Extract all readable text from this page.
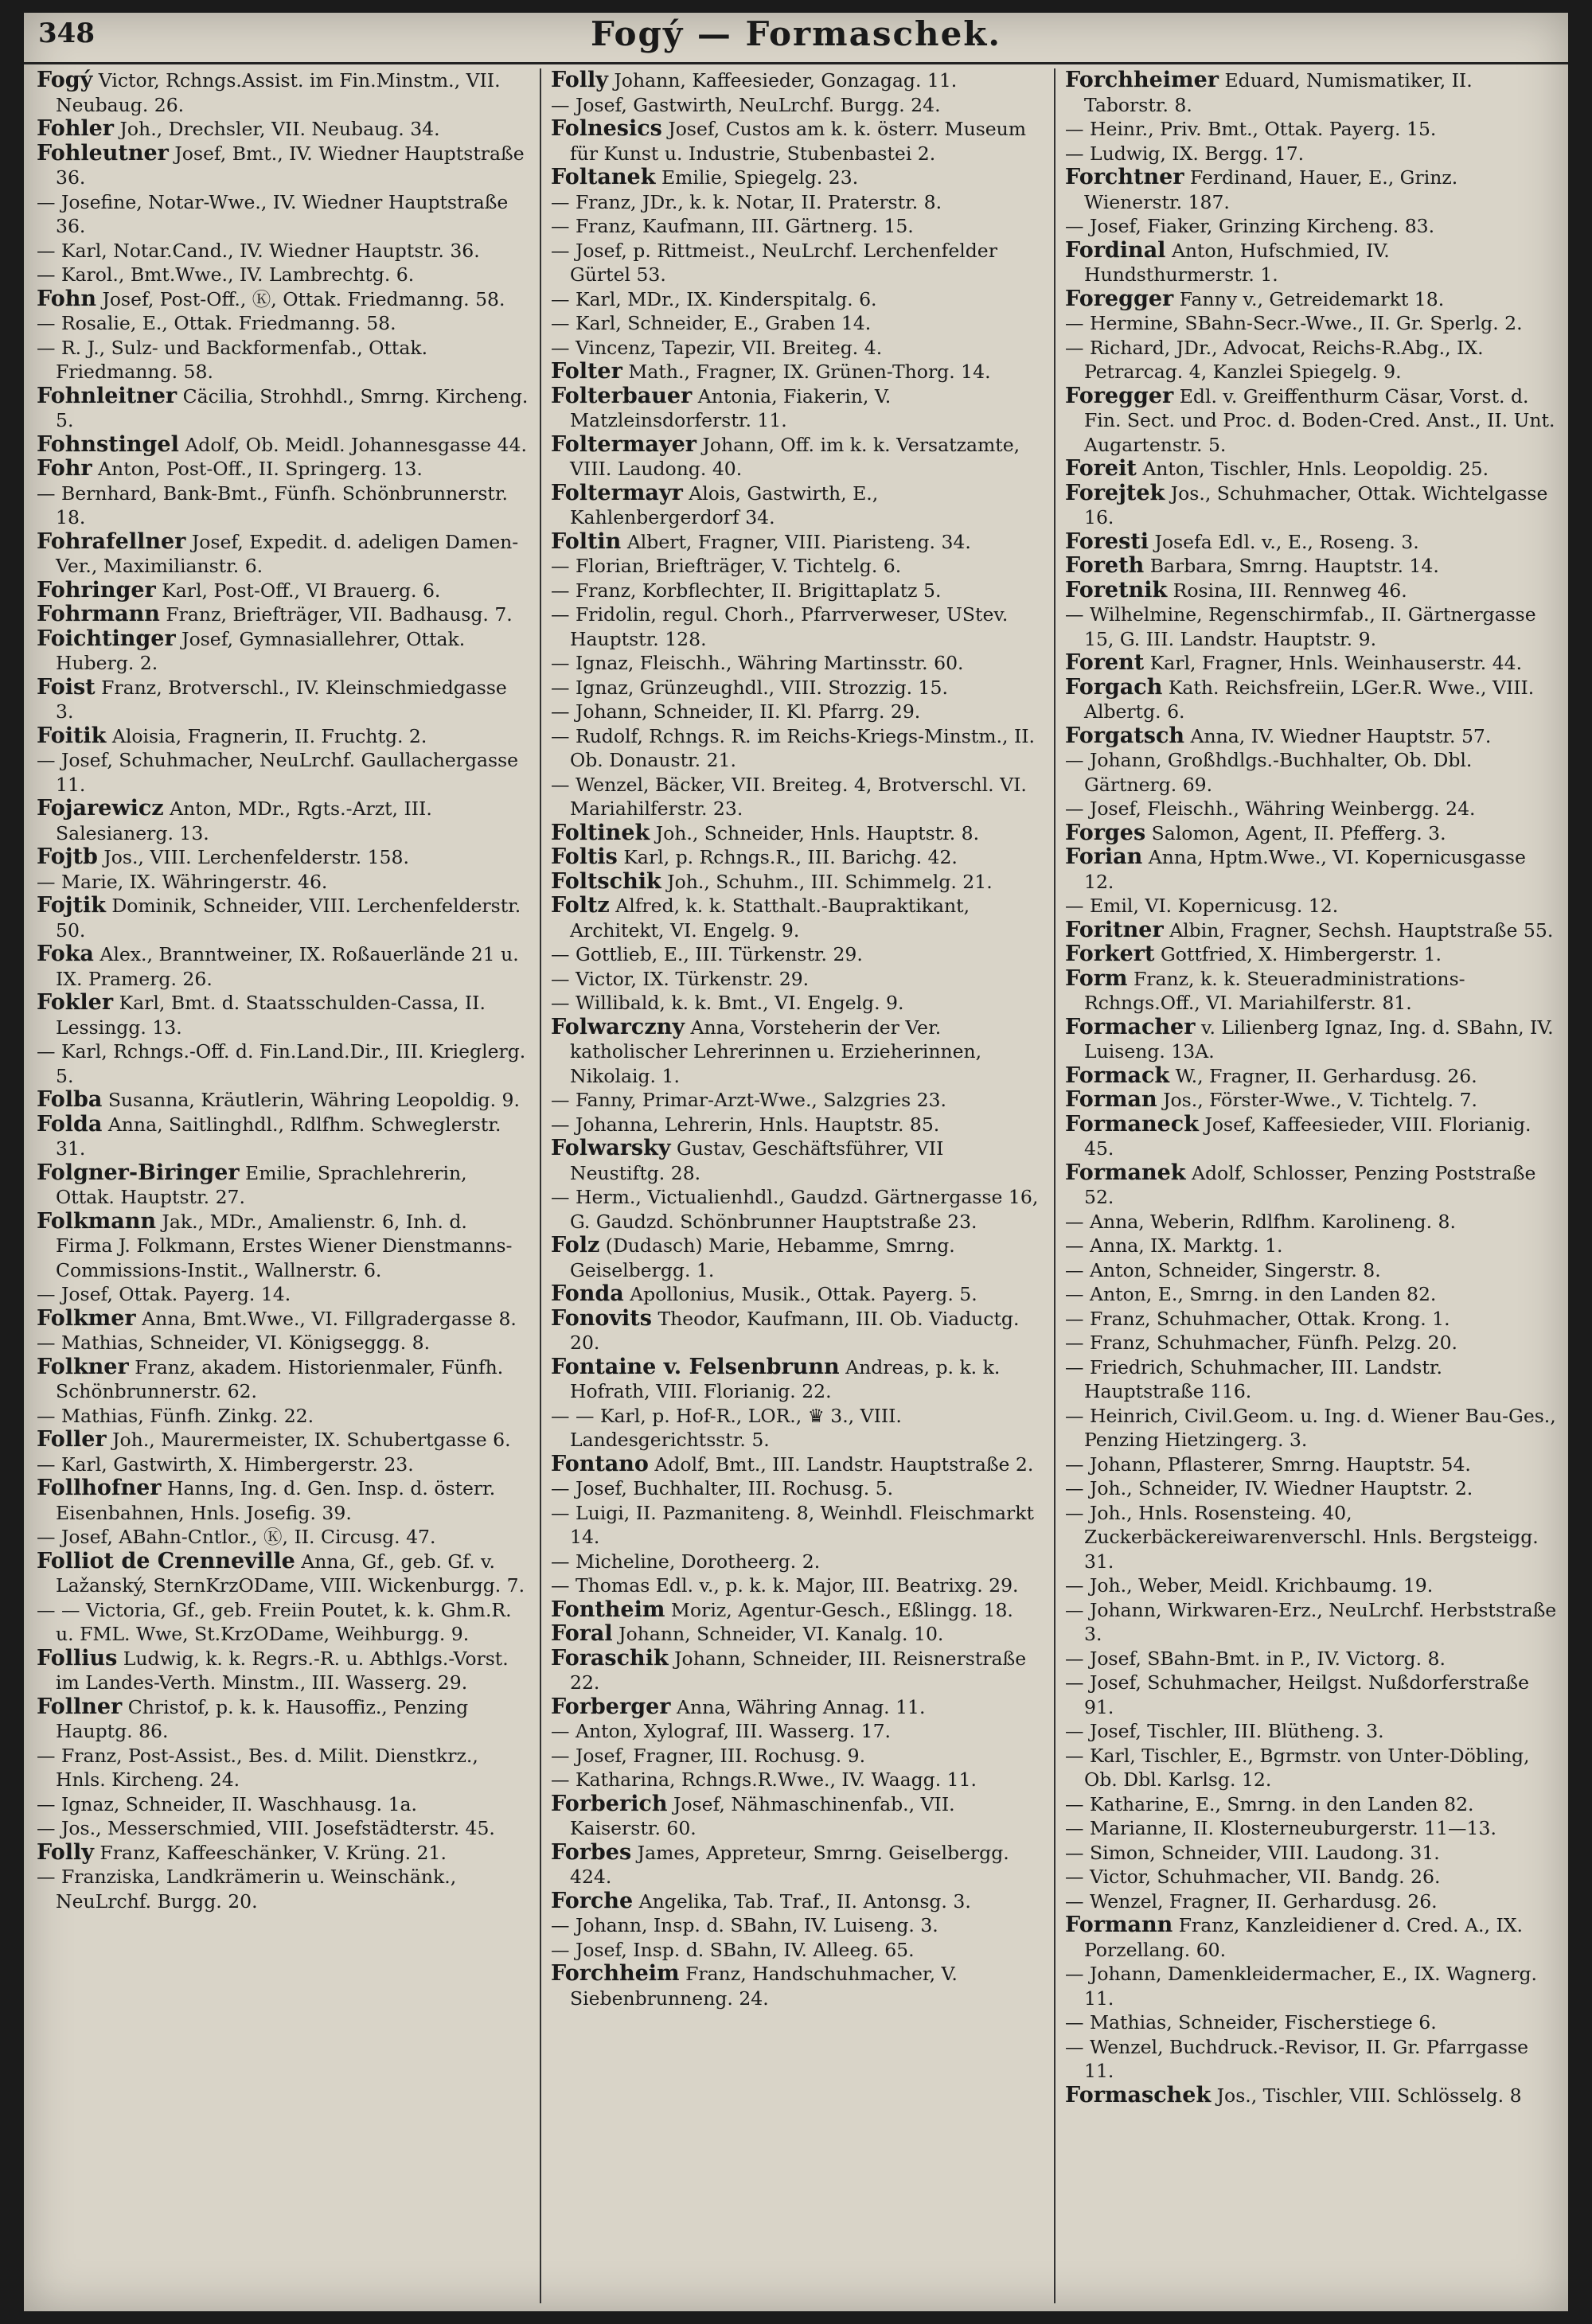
348	Fogý — Formaschek.
Fogý Victor, Rchngs.Assist. im Fin.Minstm., VII. Neubaug. 26.
Fohler Joh., Drechsler, VII. Neubaug. 34.
Fohleutner Josef, Bmt., IV. Wiedner Hauptstraße 36.
— Josefine, Notar-Wwe., IV. Wiedner Hauptstraße 36.
— Karl, Notar.Cand., IV. Wiedner Hauptstr. 36.
— Karol., Bmt.Wwe., IV. Lambrechtg. 6.
Fohn Josef, Post-Off., Ⓚ, Ottak. Friedmanng. 58.
— Rosalie, E., Ottak. Friedmanng. 58.
— R. J., Sulz- und Backformenfab., Ottak. Friedmanng. 58.
Fohnleitner Cäcilia, Strohhdl., Smrng. Kircheng. 5.
Fohnstingel Adolf, Ob. Meidl. Johannesgasse 44.
Fohr Anton, Post-Off., II. Springerg. 13.
— Bernhard, Bank-Bmt., Fünfh. Schönbrunnerstr. 18.
Fohrafellner Josef, Expedit. d. adeligen Damen-Ver., Maximilianstr. 6.
Fohringer Karl, Post-Off., VI Brauerg. 6.
Fohrmann Franz, Briefträger, VII. Badhausg. 7.
Foichtinger Josef, Gymnasiallehrer, Ottak. Huberg. 2.
Foist Franz, Brotverschl., IV. Kleinschmiedgasse 3.
Foitik Aloisia, Fragnerin, II. Fruchtg. 2.
— Josef, Schuhmacher, NeuLrchf. Gaullachergasse 11.
Fojarewicz Anton, MDr., Rgts.-Arzt, III. Salesianerg. 13.
Fojtb Jos., VIII. Lerchenfelderstr. 158.
— Marie, IX. Währingerstr. 46.
Fojtik Dominik, Schneider, VIII. Lerchenfelderstr. 50.
Foka Alex., Branntweiner, IX. Roßauerlände 21 u. IX. Pramerg. 26.
Fokler Karl, Bmt. d. Staatsschulden-Cassa, II. Lessingg. 13.
— Karl, Rchngs.-Off. d. Fin.Land.Dir., III. Krieglerg. 5.
Folba Susanna, Kräutlerin, Währing Leopoldig. 9.
Folda Anna, Saitlinghdl., Rdlfhm. Schweglerstr. 31.
Folgner-Biringer Emilie, Sprachlehrerin, Ottak. Hauptstr. 27.
Folkmann Jak., MDr., Amalienstr. 6, Inh. d. Firma J. Folkmann, Erstes Wiener Dienstmanns-Commissions-Instit., Wallnerstr. 6.
— Josef, Ottak. Payerg. 14.
Folkmer Anna, Bmt.Wwe., VI. Fillgradergasse 8.
— Mathias, Schneider, VI. Königseggg. 8.
Folkner Franz, akadem. Historienmaler, Fünfh. Schönbrunnerstr. 62.
— Mathias, Fünfh. Zinkg. 22.
Foller Joh., Maurermeister, IX. Schubertgasse 6.
— Karl, Gastwirth, X. Himbergerstr. 23.
Follhofner Hanns, Ing. d. Gen. Insp. d. österr. Eisenbahnen, Hnls. Josefig. 39.
— Josef, ABahn-Cntlor., Ⓚ, II. Circusg. 47.
Folliot de Crenneville Anna, Gf., geb. Gf. v. Lažanský, SternKrzODame, VIII. Wickenburgg. 7.
— — Victoria, Gf., geb. Freiin Poutet, k. k. Ghm.R. u. FML. Wwe, St.KrzODame, Weihburgg. 9.
Follius Ludwig, k. k. Regrs.-R. u. Abthlgs.-Vorst. im Landes-Verth. Minstm., III. Wasserg. 29.
Follner Christof, p. k. k. Hausoffiz., Penzing Hauptg. 86.
— Franz, Post-Assist., Bes. d. Milit. Dienstkrz., Hnls. Kircheng. 24.
— Ignaz, Schneider, II. Waschhausg. 1a.
— Jos., Messerschmied, VIII. Josefstädterstr. 45.
Folly Franz, Kaffeeschänker, V. Krüng. 21.
— Franziska, Landkrämerin u. Weinschänk., NeuLrchf. Burgg. 20.
Folly Johann, Kaffeesieder, Gonzagag. 11.
— Josef, Gastwirth, NeuLrchf. Burgg. 24.
Folnesics Josef, Custos am k. k. österr. Museum für Kunst u. Industrie, Stubenbastei 2.
Foltanek Emilie, Spiegelg. 23.
— Franz, JDr., k. k. Notar, II. Praterstr. 8.
— Franz, Kaufmann, III. Gärtnerg. 15.
— Josef, p. Rittmeist., NeuLrchf. Lerchenfelder Gürtel 53.
— Karl, MDr., IX. Kinderspitalg. 6.
— Karl, Schneider, E., Graben 14.
— Vincenz, Tapezir, VII. Breiteg. 4.
Folter Math., Fragner, IX. Grünen-Thorg. 14.
Folterbauer Antonia, Fiakerin, V. Matzleinsdorferstr. 11.
Foltermayer Johann, Off. im k. k. Versatzamte, VIII. Laudong. 40.
Foltermayr Alois, Gastwirth, E., Kahlenbergerdorf 34.
Foltin Albert, Fragner, VIII. Piaristeng. 34.
— Florian, Briefträger, V. Tichtelg. 6.
— Franz, Korbflechter, II. Brigittaplatz 5.
— Fridolin, regul. Chorh., Pfarrverweser, UStev. Hauptstr. 128.
— Ignaz, Fleischh., Währing Martinsstr. 60.
— Ignaz, Grünzeughdl., VIII. Strozzig. 15.
— Johann, Schneider, II. Kl. Pfarrg. 29.
— Rudolf, Rchngs. R. im Reichs-Kriegs-Minstm., II. Ob. Donaustr. 21.
— Wenzel, Bäcker, VII. Breiteg. 4, Brotverschl. VI. Mariahilferstr. 23.
Foltinek Joh., Schneider, Hnls. Hauptstr. 8.
Foltis Karl, p. Rchngs.R., III. Barichg. 42.
Foltschik Joh., Schuhm., III. Schimmelg. 21.
Foltz Alfred, k. k. Statthalt.-Baupraktikant, Architekt, VI. Engelg. 9.
— Gottlieb, E., III. Türkenstr. 29.
— Victor, IX. Türkenstr. 29.
— Willibald, k. k. Bmt., VI. Engelg. 9.
Folwarczny Anna, Vorsteherin der Ver. katholischer Lehrerinnen u. Erzieherinnen, Nikolaig. 1.
— Fanny, Primar-Arzt-Wwe., Salzgries 23.
— Johanna, Lehrerin, Hnls. Hauptstr. 85.
Folwarsky Gustav, Geschäftsführer, VII Neustiftg. 28.
— Herm., Victualienhdl., Gaudzd. Gärtnergasse 16, G. Gaudzd. Schönbrunner Hauptstraße 23.
Folz (Dudasch) Marie, Hebamme, Smrng. Geiselbergg. 1.
Fonda Apollonius, Musik., Ottak. Payerg. 5.
Fonovits Theodor, Kaufmann, III. Ob. Viaductg. 20.
Fontaine v. Felsenbrunn Andreas, p. k. k. Hofrath, VIII. Florianig. 22.
— — Karl, p. Hof-R., LOR., ♛ 3., VIII. Landesgerichtsstr. 5.
Fontano Adolf, Bmt., III. Landstr. Hauptstraße 2.
— Josef, Buchhalter, III. Rochusg. 5.
— Luigi, II. Pazmaniteng. 8, Weinhdl. Fleischmarkt 14.
— Micheline, Dorotheerg. 2.
— Thomas Edl. v., p. k. k. Major, III. Beatrixg. 29.
Fontheim Moriz, Agentur-Gesch., Eßlingg. 18.
Foral Johann, Schneider, VI. Kanalg. 10.
Foraschik Johann, Schneider, III. Reisnerstraße 22.
Forberger Anna, Währing Annag. 11.
— Anton, Xylograf, III. Wasserg. 17.
— Josef, Fragner, III. Rochusg. 9.
— Katharina, Rchngs.R.Wwe., IV. Waagg. 11.
Forberich Josef, Nähmaschinenfab., VII. Kaiserstr. 60.
Forbes James, Appreteur, Smrng. Geiselbergg. 424.
Forche Angelika, Tab. Traf., II. Antonsg. 3.
— Johann, Insp. d. SBahn, IV. Luiseng. 3.
— Josef, Insp. d. SBahn, IV. Alleeg. 65.
Forchheim Franz, Handschuhmacher, V. Siebenbrunneng. 24.
Forchheimer Eduard, Numismatiker, II. Taborstr. 8.
— Heinr., Priv. Bmt., Ottak. Payerg. 15.
— Ludwig, IX. Bergg. 17.
Forchtner Ferdinand, Hauer, E., Grinz. Wienerstr. 187.
— Josef, Fiaker, Grinzing Kircheng. 83.
Fordinal Anton, Hufschmied, IV. Hundsthurmerstr. 1.
Foregger Fanny v., Getreidemarkt 18.
— Hermine, SBahn-Secr.-Wwe., II. Gr. Sperlg. 2.
— Richard, JDr., Advocat, Reichs-R.Abg., IX. Petrarcag. 4, Kanzlei Spiegelg. 9.
Foregger Edl. v. Greiffenthurm Cäsar, Vorst. d. Fin. Sect. und Proc. d. Boden-Cred. Anst., II. Unt. Augartenstr. 5.
Foreit Anton, Tischler, Hnls. Leopoldig. 25.
Forejtek Jos., Schuhmacher, Ottak. Wichtelgasse 16.
Foresti Josefa Edl. v., E., Roseng. 3.
Foreth Barbara, Smrng. Hauptstr. 14.
Foretnik Rosina, III. Rennweg 46.
— Wilhelmine, Regenschirmfab., II. Gärtnergasse 15, G. III. Landstr. Hauptstr. 9.
Forent Karl, Fragner, Hnls. Weinhauserstr. 44.
Forgach Kath. Reichsfreiin, LGer.R. Wwe., VIII. Albertg. 6.
Forgatsch Anna, IV. Wiedner Hauptstr. 57.
— Johann, Großhdlgs.-Buchhalter, Ob. Dbl. Gärtnerg. 69.
— Josef, Fleischh., Währing Weinbergg. 24.
Forges Salomon, Agent, II. Pfefferg. 3.
Forian Anna, Hptm.Wwe., VI. Kopernicusgasse 12.
— Emil, VI. Kopernicusg. 12.
Foritner Albin, Fragner, Sechsh. Hauptstraße 55.
Forkert Gottfried, X. Himbergerstr. 1.
Form Franz, k. k. Steueradministrations-Rchngs.Off., VI. Mariahilferstr. 81.
Formacher v. Lilienberg Ignaz, Ing. d. SBahn, IV. Luiseng. 13A.
Formack W., Fragner, II. Gerhardusg. 26.
Forman Jos., Förster-Wwe., V. Tichtelg. 7.
Formaneck Josef, Kaffeesieder, VIII. Florianig. 45.
Formanek Adolf, Schlosser, Penzing Poststraße 52.
— Anna, Weberin, Rdlfhm. Karolineng. 8.
— Anna, IX. Marktg. 1.
— Anton, Schneider, Singerstr. 8.
— Anton, E., Smrng. in den Landen 82.
— Franz, Schuhmacher, Ottak. Krong. 1.
— Franz, Schuhmacher, Fünfh. Pelzg. 20.
— Friedrich, Schuhmacher, III. Landstr. Hauptstraße 116.
— Heinrich, Civil.Geom. u. Ing. d. Wiener Bau-Ges., Penzing Hietzingerg. 3.
— Johann, Pflasterer, Smrng. Hauptstr. 54.
— Joh., Schneider, IV. Wiedner Hauptstr. 2.
— Joh., Hnls. Rosensteing. 40, Zuckerbäckereiwarenverschl. Hnls. Bergsteigg. 31.
— Joh., Weber, Meidl. Krichbaumg. 19.
— Johann, Wirkwaren-Erz., NeuLrchf. Herbststraße 3.
— Josef, SBahn-Bmt. in P., IV. Victorg. 8.
— Josef, Schuhmacher, Heilgst. Nußdorferstraße 91.
— Josef, Tischler, III. Blütheng. 3.
— Karl, Tischler, E., Bgrmstr. von Unter-Döbling, Ob. Dbl. Karlsg. 12.
— Katharine, E., Smrng. in den Landen 82.
— Marianne, II. Klosterneuburgerstr. 11—13.
— Simon, Schneider, VIII. Laudong. 31.
— Victor, Schuhmacher, VII. Bandg. 26.
— Wenzel, Fragner, II. Gerhardusg. 26.
Formann Franz, Kanzleidiener d. Cred. A., IX. Porzellang. 60.
— Johann, Damenkleidermacher, E., IX. Wagnerg. 11.
— Mathias, Schneider, Fischerstiege 6.
— Wenzel, Buchdruck.-Revisor, II. Gr. Pfarrgasse 11.
Formaschek Jos., Tischler, VIII. Schlösselg. 8
